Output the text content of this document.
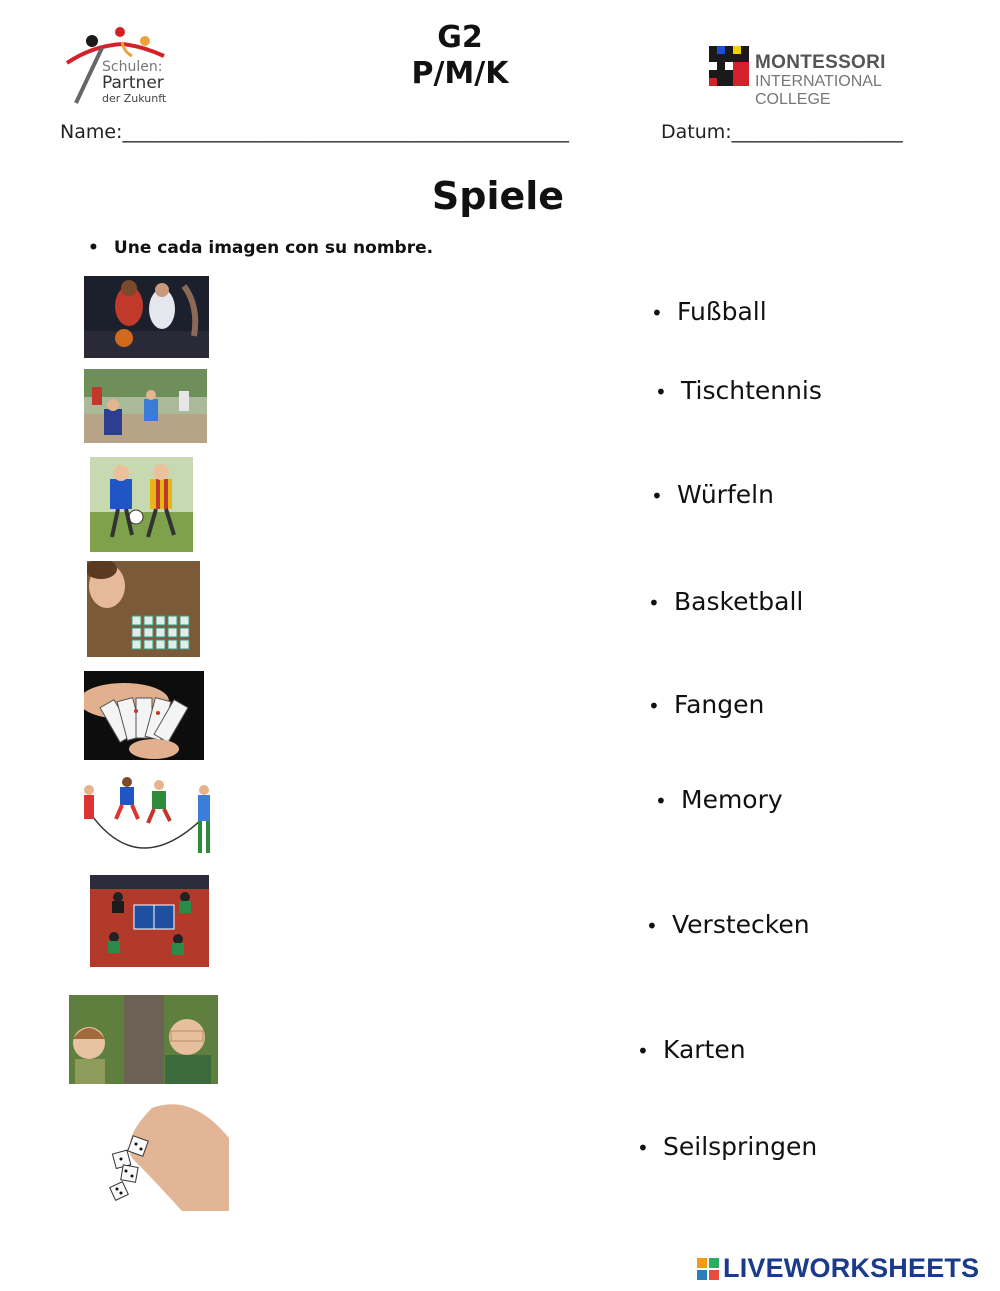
Schulen:
Partner
der Zukunft
G2
P/M/K	MONTESSORI
INTERNATIONAL COLLEGE
Name:_______________________________________________	Datum:__________________
Spiele
• Une cada imagen con su nombre.
• Fußball
• Tischtennis
• Würfeln
• Basketball
• Fangen
• Memory
• Verstecken
• Karten
• Seilspringen
LIVEWORKSHEETS
